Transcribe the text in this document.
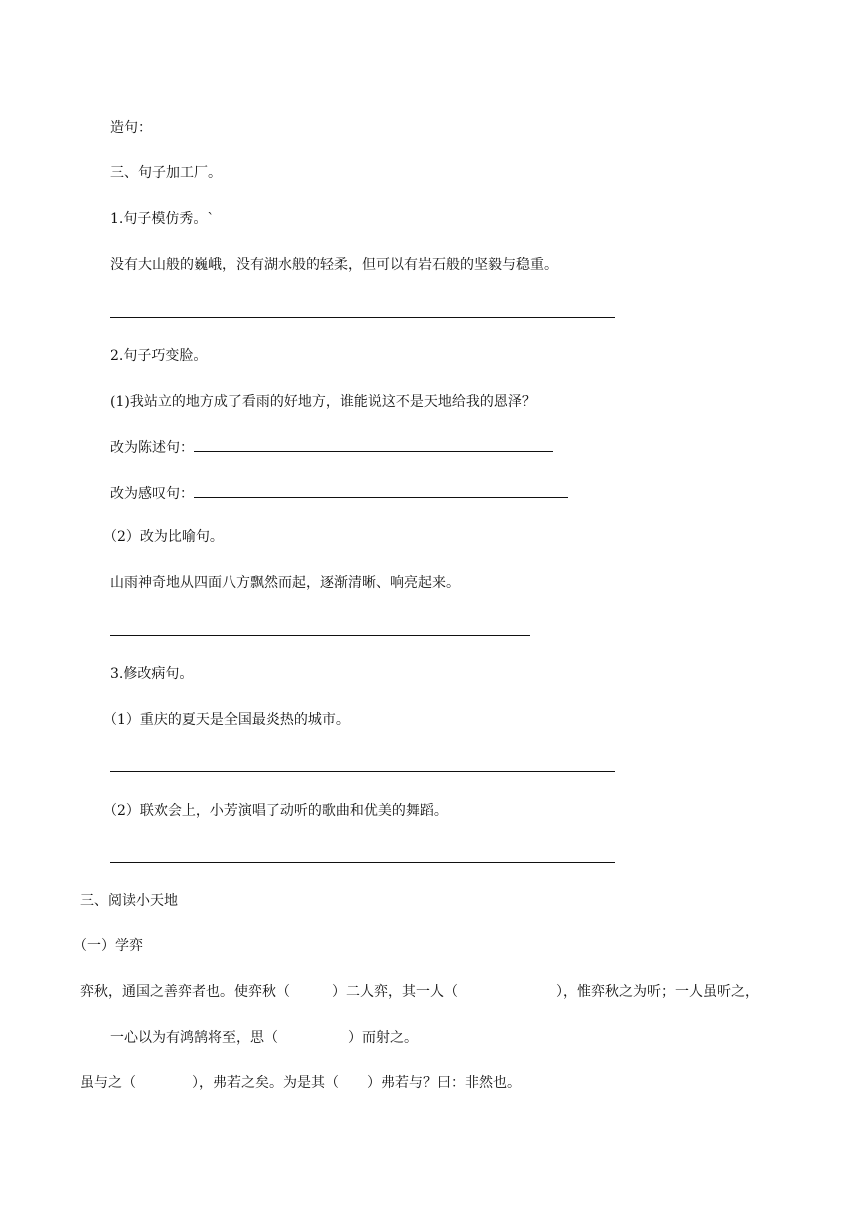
造句：
三、句子加工厂。
1.句子模仿秀。`
没有大山般的巍峨，没有湖水般的轻柔，但可以有岩石般的坚毅与稳重。
2.句子巧变脸。
(1)我站立的地方成了看雨的好地方，谁能说这不是天地给我的恩泽？
改为陈述句：
改为感叹句：
（2）改为比喻句。
山雨神奇地从四面八方飘然而起，逐渐清晰、响亮起来。
3.修改病句。
（1）重庆的夏天是全国最炎热的城市。
（2）联欢会上，小芳演唱了动听的歌曲和优美的舞蹈。
三、阅读小天地
（一）学弈
弈秋，通国之善弈者也。使弈秋（　　　）二人弈，其一人（　　　　　　　），惟弈秋之为听；一人虽听之，
一心以为有鸿鹄将至，思（　　　　　）而射之。
虽与之（　　　　），弗若之矣。为是其（　　）弗若与？曰：非然也。
